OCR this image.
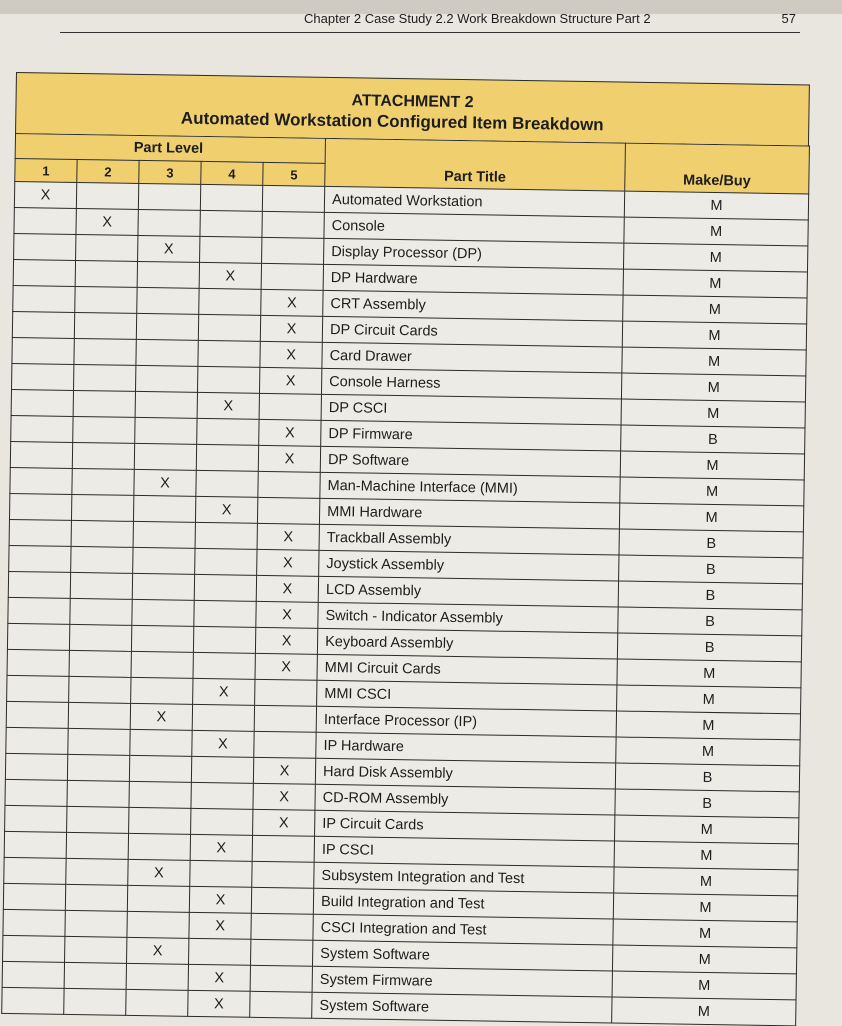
Chapter 2 Case Study 2.2 Work Breakdown Structure Part 2	57
ATTACHMENT 2
Automated Workstation Configured Item Breakdown
Part Level					Part Title	Make/Buy
1	2	3	4	5		
X					Automated Workstation	M
	X				Console	M
		X			Display Processor (DP)	M
			X		DP Hardware	M
				X	CRT Assembly	M
				X	DP Circuit Cards	M
				X	Card Drawer	M
				X	Console Harness	M
			X		DP CSCI	M
				X	DP Firmware	B
				X	DP Software	M
		X			Man-Machine Interface (MMI)	M
			X		MMI Hardware	M
				X	Trackball Assembly	B
				X	Joystick Assembly	B
				X	LCD Assembly	B
				X	Switch - Indicator Assembly	B
				X	Keyboard Assembly	B
				X	MMI Circuit Cards	M
			X		MMI CSCI	M
		X			Interface Processor (IP)	M
			X		IP Hardware	M
				X	Hard Disk Assembly	B
				X	CD-ROM Assembly	B
				X	IP Circuit Cards	M
			X		IP CSCI	M
		X			Subsystem Integration and Test	M
			X		Build Integration and Test	M
			X		CSCI Integration and Test	M
		X			System Software	M
			X		System Firmware	M
			X		System Software	M
